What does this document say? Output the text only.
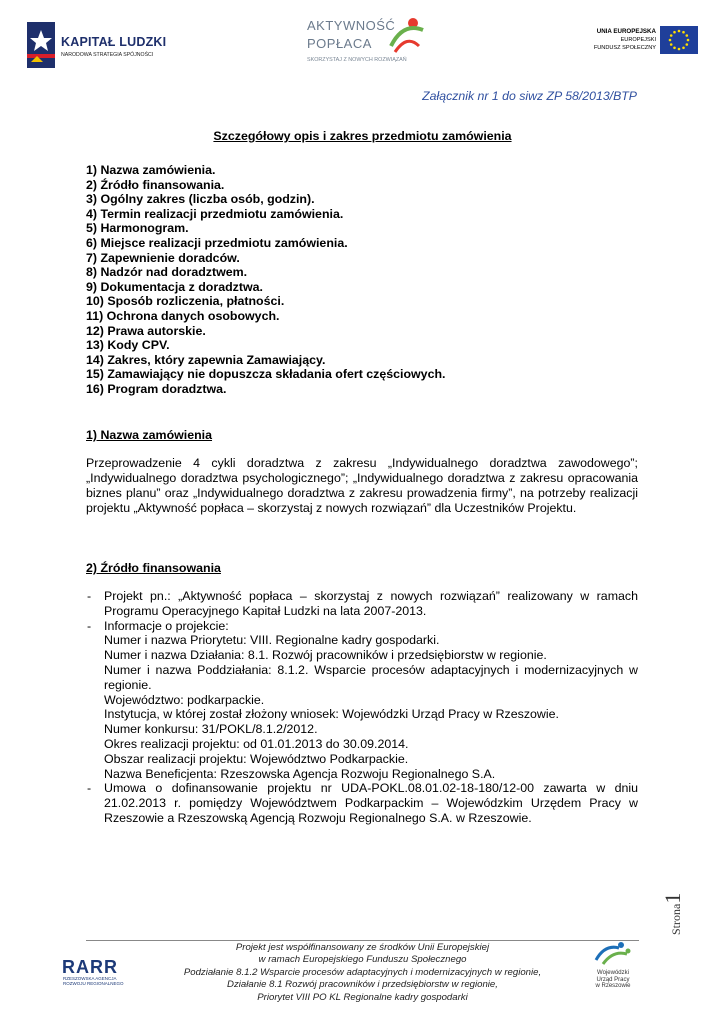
KAPITAŁ LUDZKI
NARODOWA STRATEGIA SPÓJNOŚCI
AKTYWNOŚĆ
POPŁACA
SKORZYSTAJ Z NOWYCH ROZWIĄZAŃ
UNIA EUROPEJSKA
EUROPEJSKI
FUNDUSZ SPOŁECZNY
Załącznik nr 1 do siwz ZP 58/2013/BTP
Szczegółowy opis i zakres przedmiotu zamówienia
1) Nazwa zamówienia.
2) Źródło finansowania.
3) Ogólny zakres (liczba osób, godzin).
4) Termin realizacji przedmiotu zamówienia.
5) Harmonogram.
6) Miejsce realizacji przedmiotu zamówienia.
7) Zapewnienie doradców.
8) Nadzór nad doradztwem.
9) Dokumentacja z doradztwa.
10) Sposób rozliczenia, płatności.
11) Ochrona danych osobowych.
12) Prawa autorskie.
13) Kody CPV.
14) Zakres, który zapewnia Zamawiający.
15) Zamawiający nie dopuszcza składania ofert częściowych.
16) Program doradztwa.
1) Nazwa zamówienia
Przeprowadzenie 4 cykli doradztwa z zakresu „Indywidualnego doradztwa zawodowego”; „Indywidualnego doradztwa psychologicznego”; „Indywidualnego doradztwa z zakresu opracowania biznes planu” oraz „Indywidualnego doradztwa z zakresu prowadzenia firmy”, na potrzeby realizacji projektu „Aktywność popłaca – skorzystaj z nowych rozwiązań” dla Uczestników Projektu.
2) Źródło finansowania
- Projekt pn.: „Aktywność popłaca – skorzystaj z nowych rozwiązań” realizowany w ramach Programu Operacyjnego Kapitał Ludzki na lata 2007-2013.
- Informacje o projekcie:
Numer i nazwa Priorytetu: VIII. Regionalne kadry gospodarki.
Numer i nazwa Działania: 8.1. Rozwój pracowników i przedsiębiorstw w regionie.
Numer i nazwa Poddziałania: 8.1.2. Wsparcie procesów adaptacyjnych i modernizacyjnych w regionie.
Województwo: podkarpackie.
Instytucja, w której został złożony wniosek: Wojewódzki Urząd Pracy w Rzeszowie.
Numer konkursu: 31/POKL/8.1.2/2012.
Okres realizacji projektu: od 01.01.2013 do 30.09.2014.
Obszar realizacji projektu: Województwo Podkarpackie.
Nazwa Beneficjenta: Rzeszowska Agencja Rozwoju Regionalnego S.A.
- Umowa o dofinansowanie projektu nr UDA-POKL.08.01.02-18-180/12-00 zawarta w dniu 21.02.2013 r. pomiędzy Województwem Podkarpackim – Wojewódzkim Urzędem Pracy w Rzeszowie a Rzeszowską Agencją Rozwoju Regionalnego S.A. w Rzeszowie.
Strona1
RARR
RZESZOWSKA AGENCJA
ROZWOJU REGIONALNEGO
Projekt jest współfinansowany ze środków Unii Europejskiej
w ramach Europejskiego Funduszu Społecznego
Podziałanie 8.1.2 Wsparcie procesów adaptacyjnych i modernizacyjnych w regionie,
Działanie 8.1 Rozwój pracowników i przedsiębiorstw w regionie,
Priorytet VIII PO KL Regionalne kadry gospodarki
Wojewódzki
Urząd Pracy
w Rzeszowie
